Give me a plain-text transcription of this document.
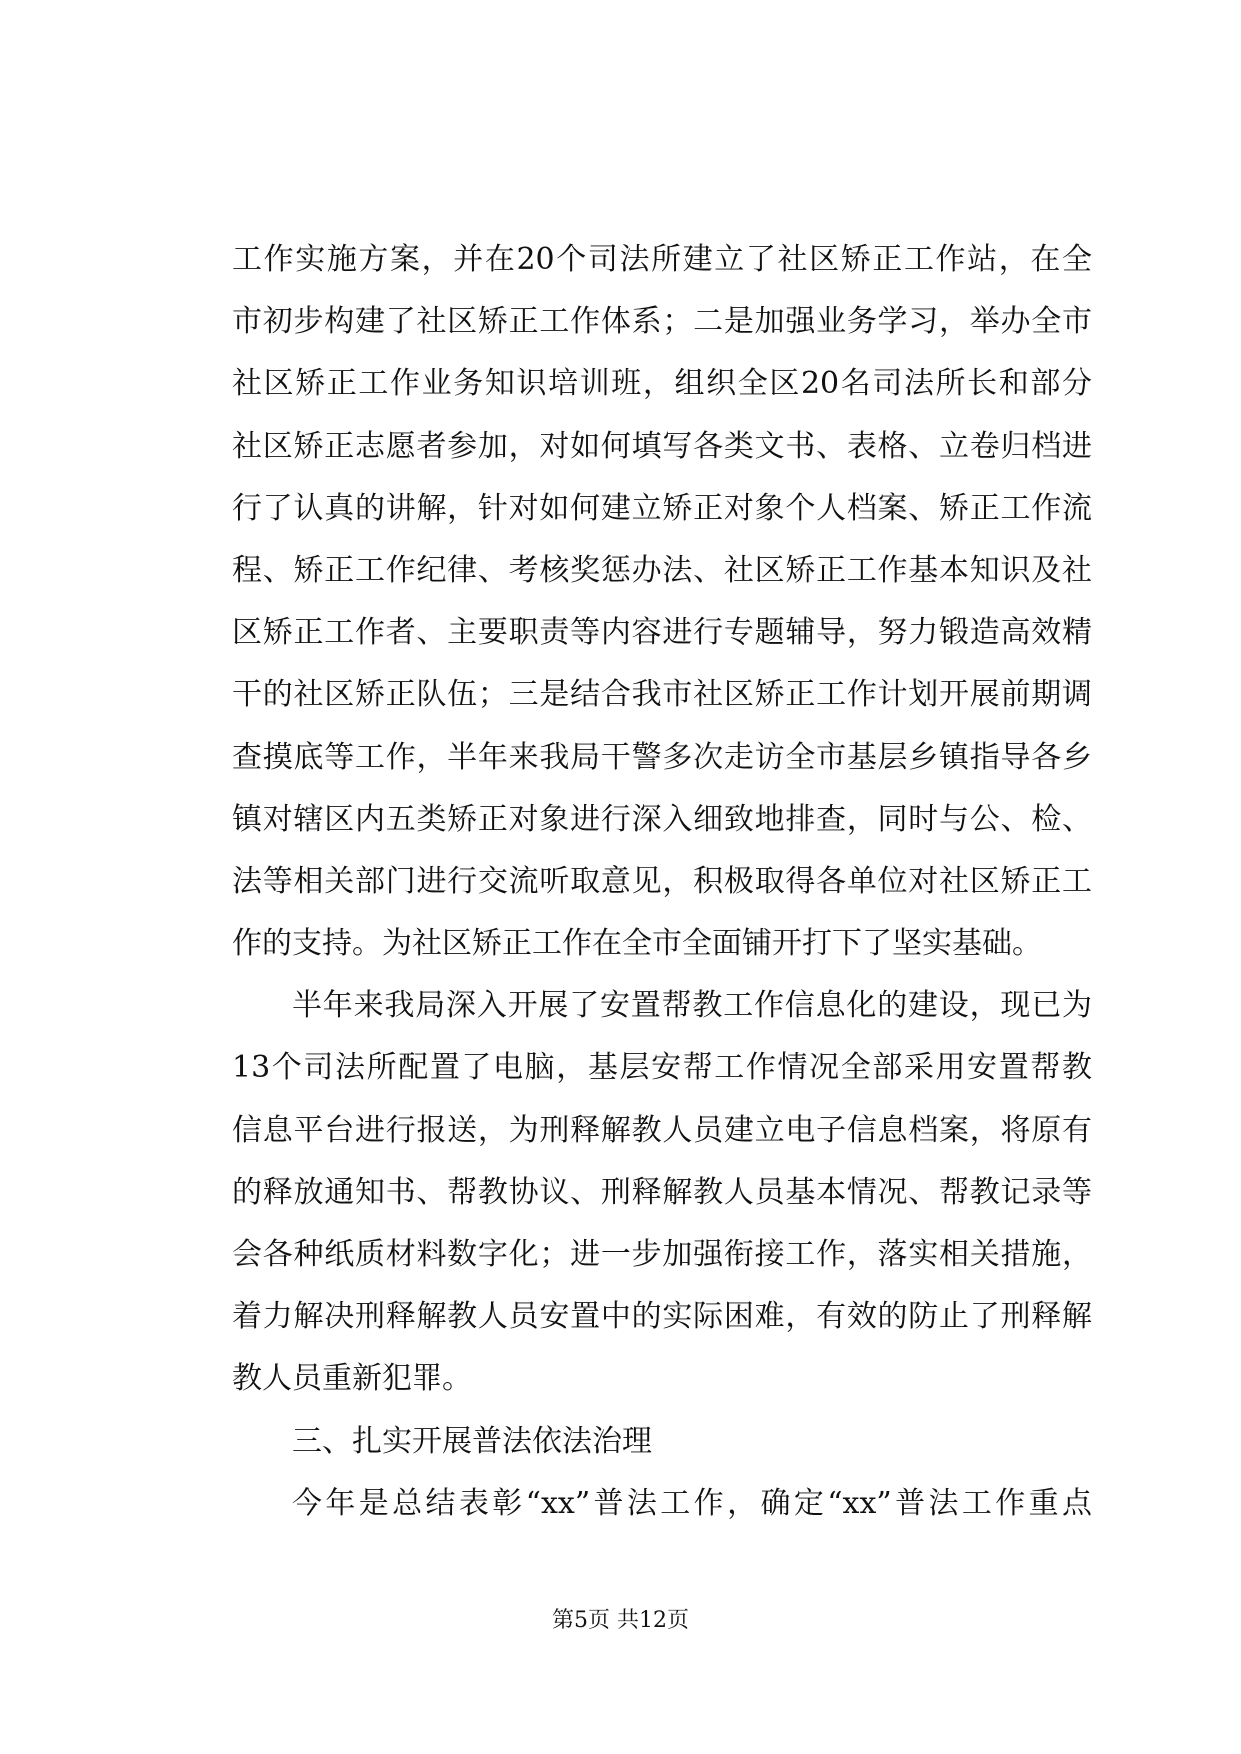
工作实施方案，并在20个司法所建立了社区矫正工作站，在全
市初步构建了社区矫正工作体系；二是加强业务学习，举办全市
社区矫正工作业务知识培训班，组织全区20名司法所长和部分
社区矫正志愿者参加，对如何填写各类文书、表格、立卷归档进
行了认真的讲解，针对如何建立矫正对象个人档案、矫正工作流
程、矫正工作纪律、考核奖惩办法、社区矫正工作基本知识及社
区矫正工作者、主要职责等内容进行专题辅导，努力锻造高效精
干的社区矫正队伍；三是结合我市社区矫正工作计划开展前期调
查摸底等工作，半年来我局干警多次走访全市基层乡镇指导各乡
镇对辖区内五类矫正对象进行深入细致地排查，同时与公、检、
法等相关部门进行交流听取意见，积极取得各单位对社区矫正工
作的支持。为社区矫正工作在全市全面铺开打下了坚实基础。
半年来我局深入开展了安置帮教工作信息化的建设，现已为
13个司法所配置了电脑，基层安帮工作情况全部采用安置帮教
信息平台进行报送，为刑释解教人员建立电子信息档案，将原有
的释放通知书、帮教协议、刑释解教人员基本情况、帮教记录等
会各种纸质材料数字化；进一步加强衔接工作，落实相关措施，
着力解决刑释解教人员安置中的实际困难，有效的防止了刑释解
教人员重新犯罪。
三、扎实开展普法依法治理
今年是总结表彰“xx”普法工作，确定“xx”普法工作重点
第5页 共12页
